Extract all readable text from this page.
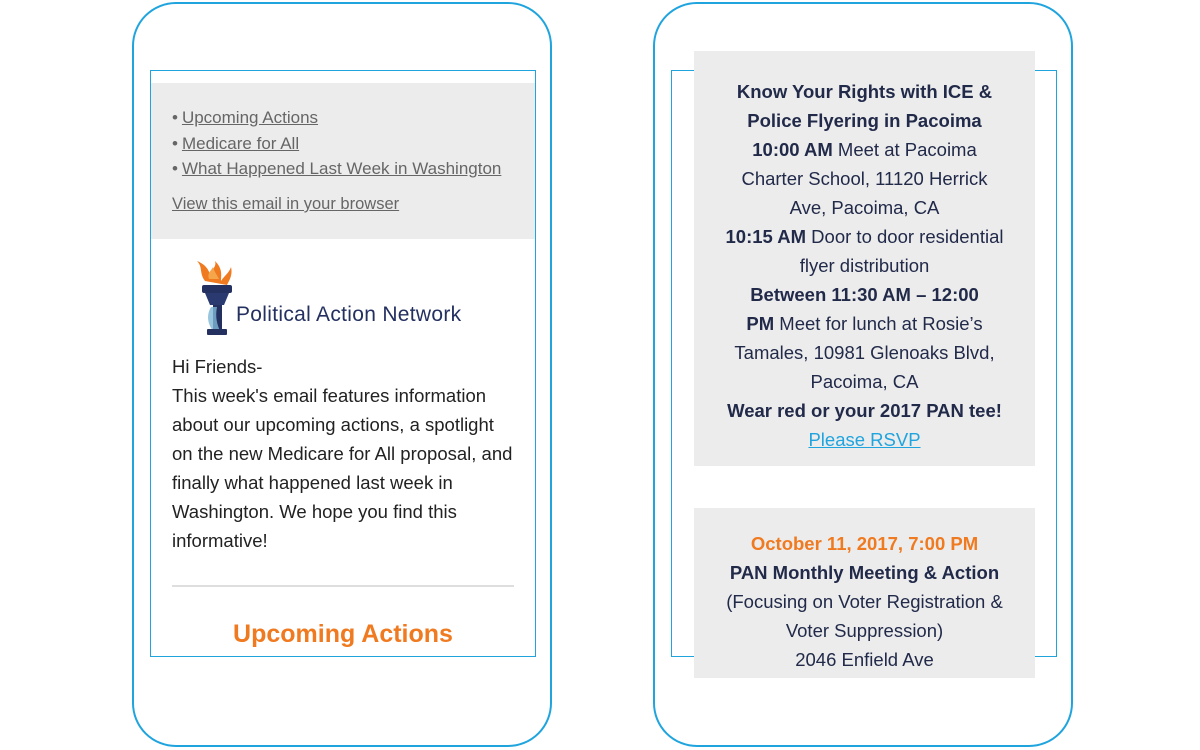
• Upcoming Actions
• Medicare for All
• What Happened Last Week in Washington
View this email in your browser
Political Action Network

Hi Friends-

This week's email features information about our upcoming actions, a spotlight on the new Medicare for All proposal, and finally what happened last week in Washington. We hope you find this informative!

Upcoming Actions
Know Your Rights with ICE &
Police Flyering in Pacoima
10:00 AM Meet at Pacoima
Charter School, 11120 Herrick
Ave, Pacoima, CA
10:15 AM Door to door residential
flyer distribution
Between 11:30 AM – 12:00
PM Meet for lunch at Rosie’s
Tamales, 10981 Glenoaks Blvd,
Pacoima, CA
Wear red or your 2017 PAN tee!
Please RSVP
October 11, 2017, 7:00 PM
PAN Monthly Meeting & Action
(Focusing on Voter Registration &
Voter Suppression)
2046 Enfield Ave
